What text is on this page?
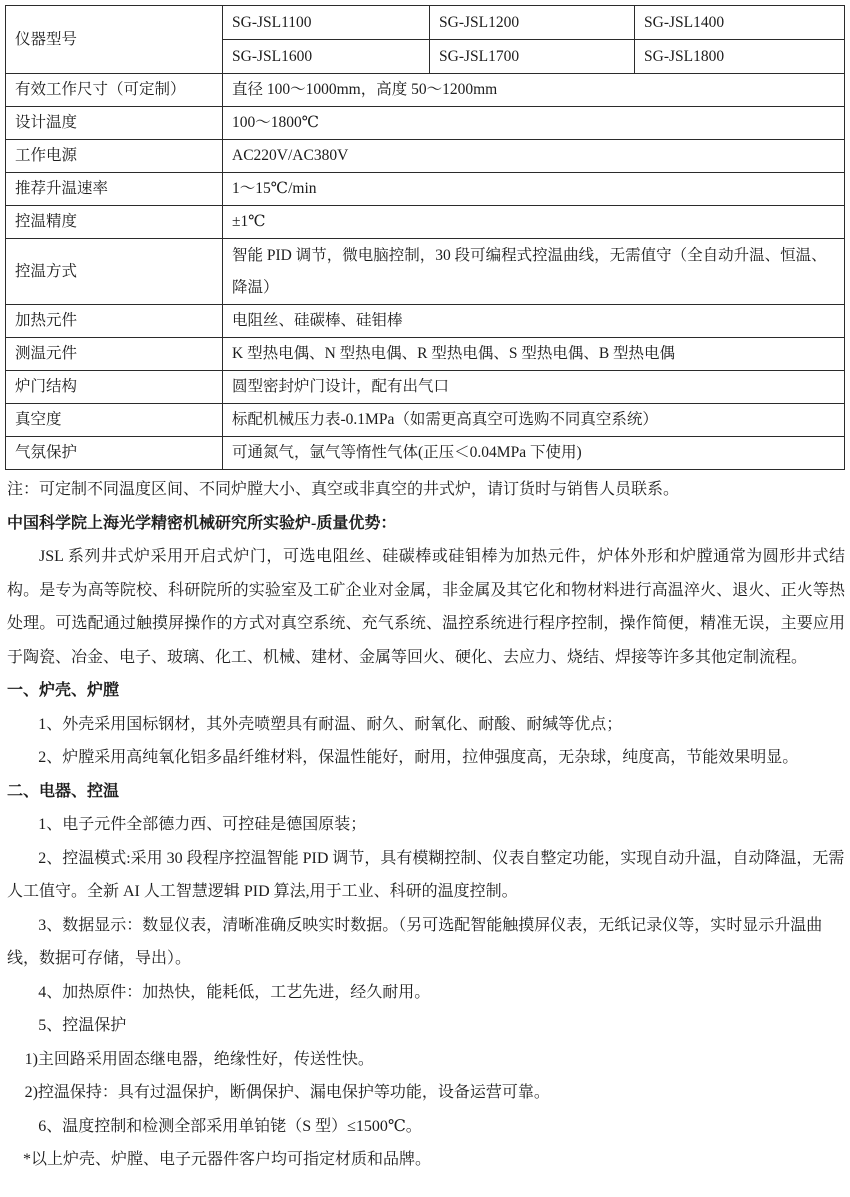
仪器型号	SG-JSL1100	SG-JSL1200	SG-JSL1400
	SG-JSL1600	SG-JSL1700	SG-JSL1800
有效工作尺寸（可定制）	直径 100～1000mm，高度 50～1200mm		
设计温度	100～1800℃		
工作电源	AC220V/AC380V		
推荐升温速率	1～15℃/min		
控温精度	±1℃		
控温方式	智能 PID 调节，微电脑控制，30 段可编程式控温曲线，无需值守（全自动升温、恒温、降温）		
加热元件	电阻丝、硅碳棒、硅钼棒		
测温元件	K 型热电偶、N 型热电偶、R 型热电偶、S 型热电偶、B 型热电偶		
炉门结构	圆型密封炉门设计，配有出气口		
真空度	标配机械压力表-0.1MPa（如需更高真空可选购不同真空系统）		
气氛保护	可通氮气，氩气等惰性气体(正压＜0.04MPa 下使用)		

注：可定制不同温度区间、不同炉膛大小、真空或非真空的井式炉，请订货时与销售人员联系。

中国科学院上海光学精密机械研究所实验炉-质量优势：

JSL 系列井式炉采用开启式炉门，可选电阻丝、硅碳棒或硅钼棒为加热元件，炉体外形和炉膛通常为圆形井式结构。是专为高等院校、科研院所的实验室及工矿企业对金属，非金属及其它化和物材料进行高温淬火、退火、正火等热处理。可选配通过触摸屏操作的方式对真空系统、充气系统、温控系统进行程序控制，操作简便，精准无误，主要应用于陶瓷、冶金、电子、玻璃、化工、机械、建材、金属等回火、硬化、去应力、烧结、焊接等许多其他定制流程。

一、炉壳、炉膛

1、外壳采用国标钢材，其外壳喷塑具有耐温、耐久、耐氧化、耐酸、耐缄等优点；

2、炉膛采用高纯氧化铝多晶纤维材料，保温性能好，耐用，拉伸强度高，无杂球，纯度高，节能效果明显。

二、电器、控温

1、电子元件全部德力西、可控硅是德国原装；

2、控温模式:采用 30 段程序控温智能 PID 调节，具有模糊控制、仪表自整定功能，实现自动升温，自动降温，无需人工值守。全新 AI 人工智慧逻辑 PID 算法,用于工业、科研的温度控制。

3、数据显示：数显仪表，清晰准确反映实时数据。（另可选配智能触摸屏仪表，无纸记录仪等，实时显示升温曲线，数据可存储，导出）。

4、加热原件：加热快，能耗低，工艺先进，经久耐用。

5、控温保护

1)主回路采用固态继电器，绝缘性好，传送性快。

2)控温保持：具有过温保护，断偶保护、漏电保护等功能，设备运营可靠。

6、温度控制和检测全部采用单铂铑（S 型）≤1500℃。

*以上炉壳、炉膛、电子元器件客户均可指定材质和品牌。
